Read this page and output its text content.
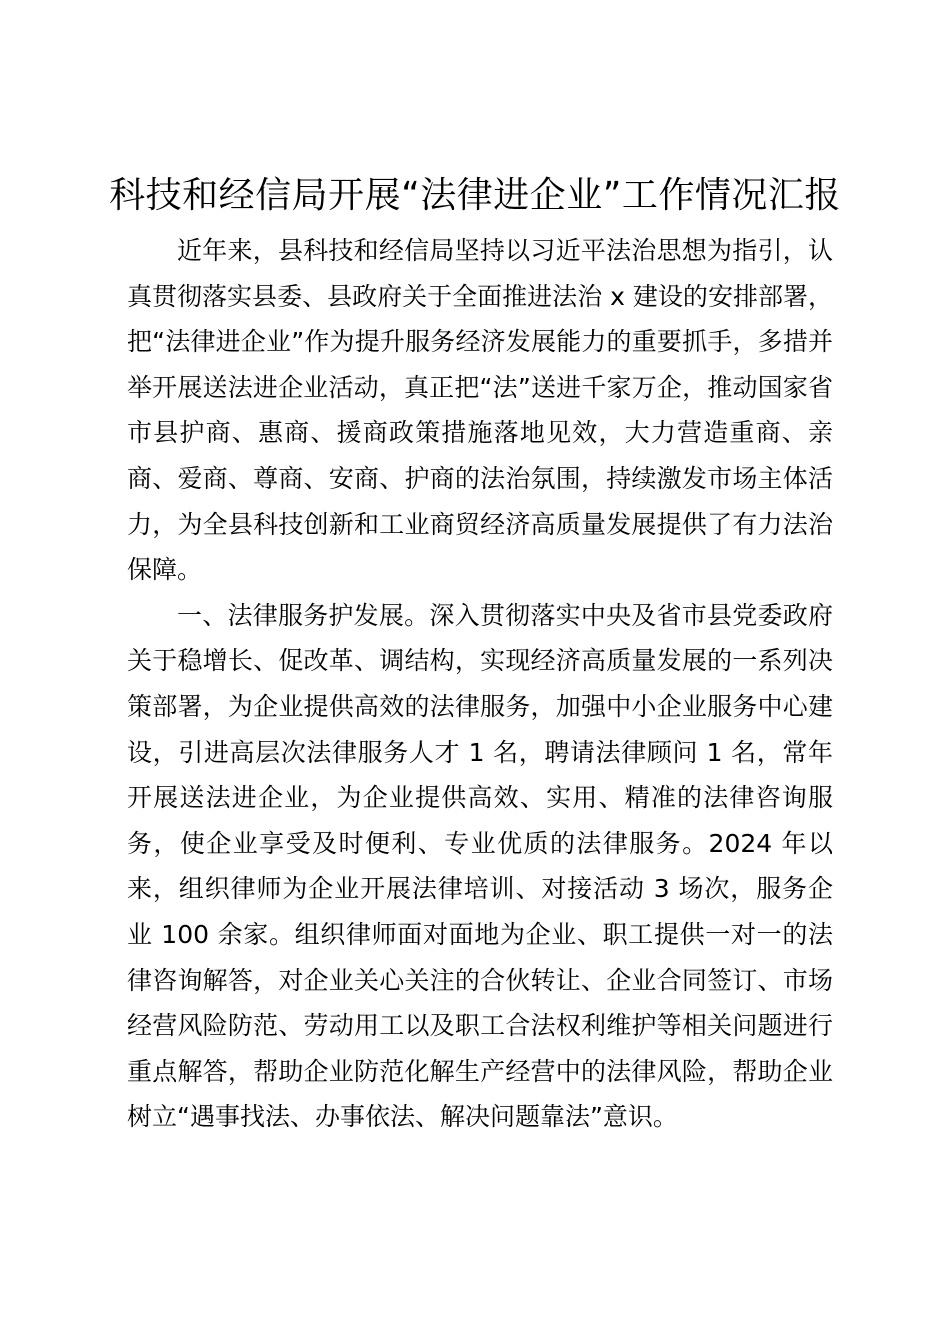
科技和经信局开展“法律进企业”工作情况汇报

近年来，县科技和经信局坚持以习近平法治思想为指引，认真贯彻落实县委、县政府关于全面推进法治 x 建设的安排部署，把“法律进企业”作为提升服务经济发展能力的重要抓手，多措并举开展送法进企业活动，真正把“法”送进千家万企，推动国家省市县护商、惠商、援商政策措施落地见效，大力营造重商、亲商、爱商、尊商、安商、护商的法治氛围，持续激发市场主体活力，为全县科技创新和工业商贸经济高质量发展提供了有力法治保障。

一、法律服务护发展。深入贯彻落实中央及省市县党委政府关于稳增长、促改革、调结构，实现经济高质量发展的一系列决策部署，为企业提供高效的法律服务，加强中小企业服务中心建设，引进高层次法律服务人才 1 名，聘请法律顾问 1 名，常年开展送法进企业，为企业提供高效、实用、精准的法律咨询服务，使企业享受及时便利、专业优质的法律服务。2024 年以来，组织律师为企业开展法律培训、对接活动 3 场次，服务企业 100 余家。组织律师面对面地为企业、职工提供一对一的法律咨询解答，对企业关心关注的合伙转让、企业合同签订、市场经营风险防范、劳动用工以及职工合法权利维护等相关问题进行重点解答，帮助企业防范化解生产经营中的法律风险，帮助企业树立“遇事找法、办事依法、解决问题靠法”意识。
